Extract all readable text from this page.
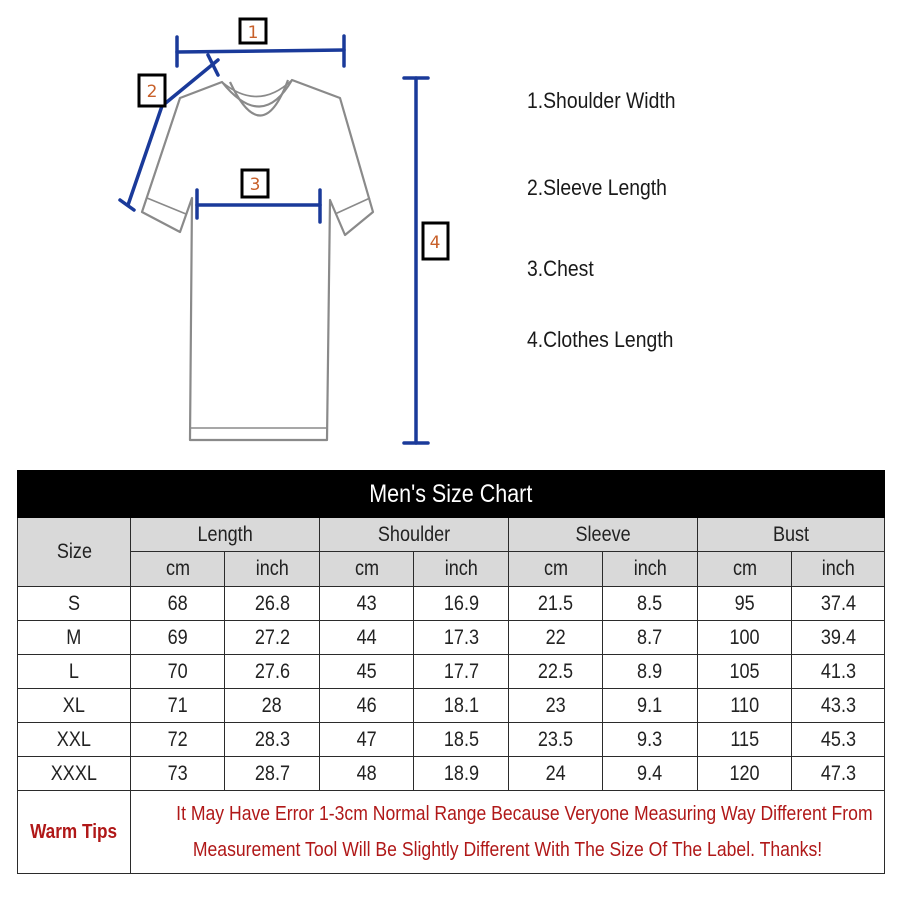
1
2
3
4
1.Shoulder Width
2.Sleeve Length
3.Chest
4.Clothes Length
Men's Size Chart								
Size	Length		Shoulder		Sleeve		Bust	
	cm	inch	cm	inch	cm	inch	cm	inch
S	68	26.8	43	16.9	21.5	8.5	95	37.4
M	69	27.2	44	17.3	22	8.7	100	39.4
L	70	27.6	45	17.7	22.5	8.9	105	41.3
XL	71	28	46	18.1	23	9.1	110	43.3
XXL	72	28.3	47	18.5	23.5	9.3	115	45.3
XXXL	73	28.7	48	18.9	24	9.4	120	47.3
Warm Tips	It May Have Error 1-3cm Normal Range Because Veryone Measuring Way Different From
Measurement Tool Will Be Slightly Different With The Size Of The Label. Thanks!							
